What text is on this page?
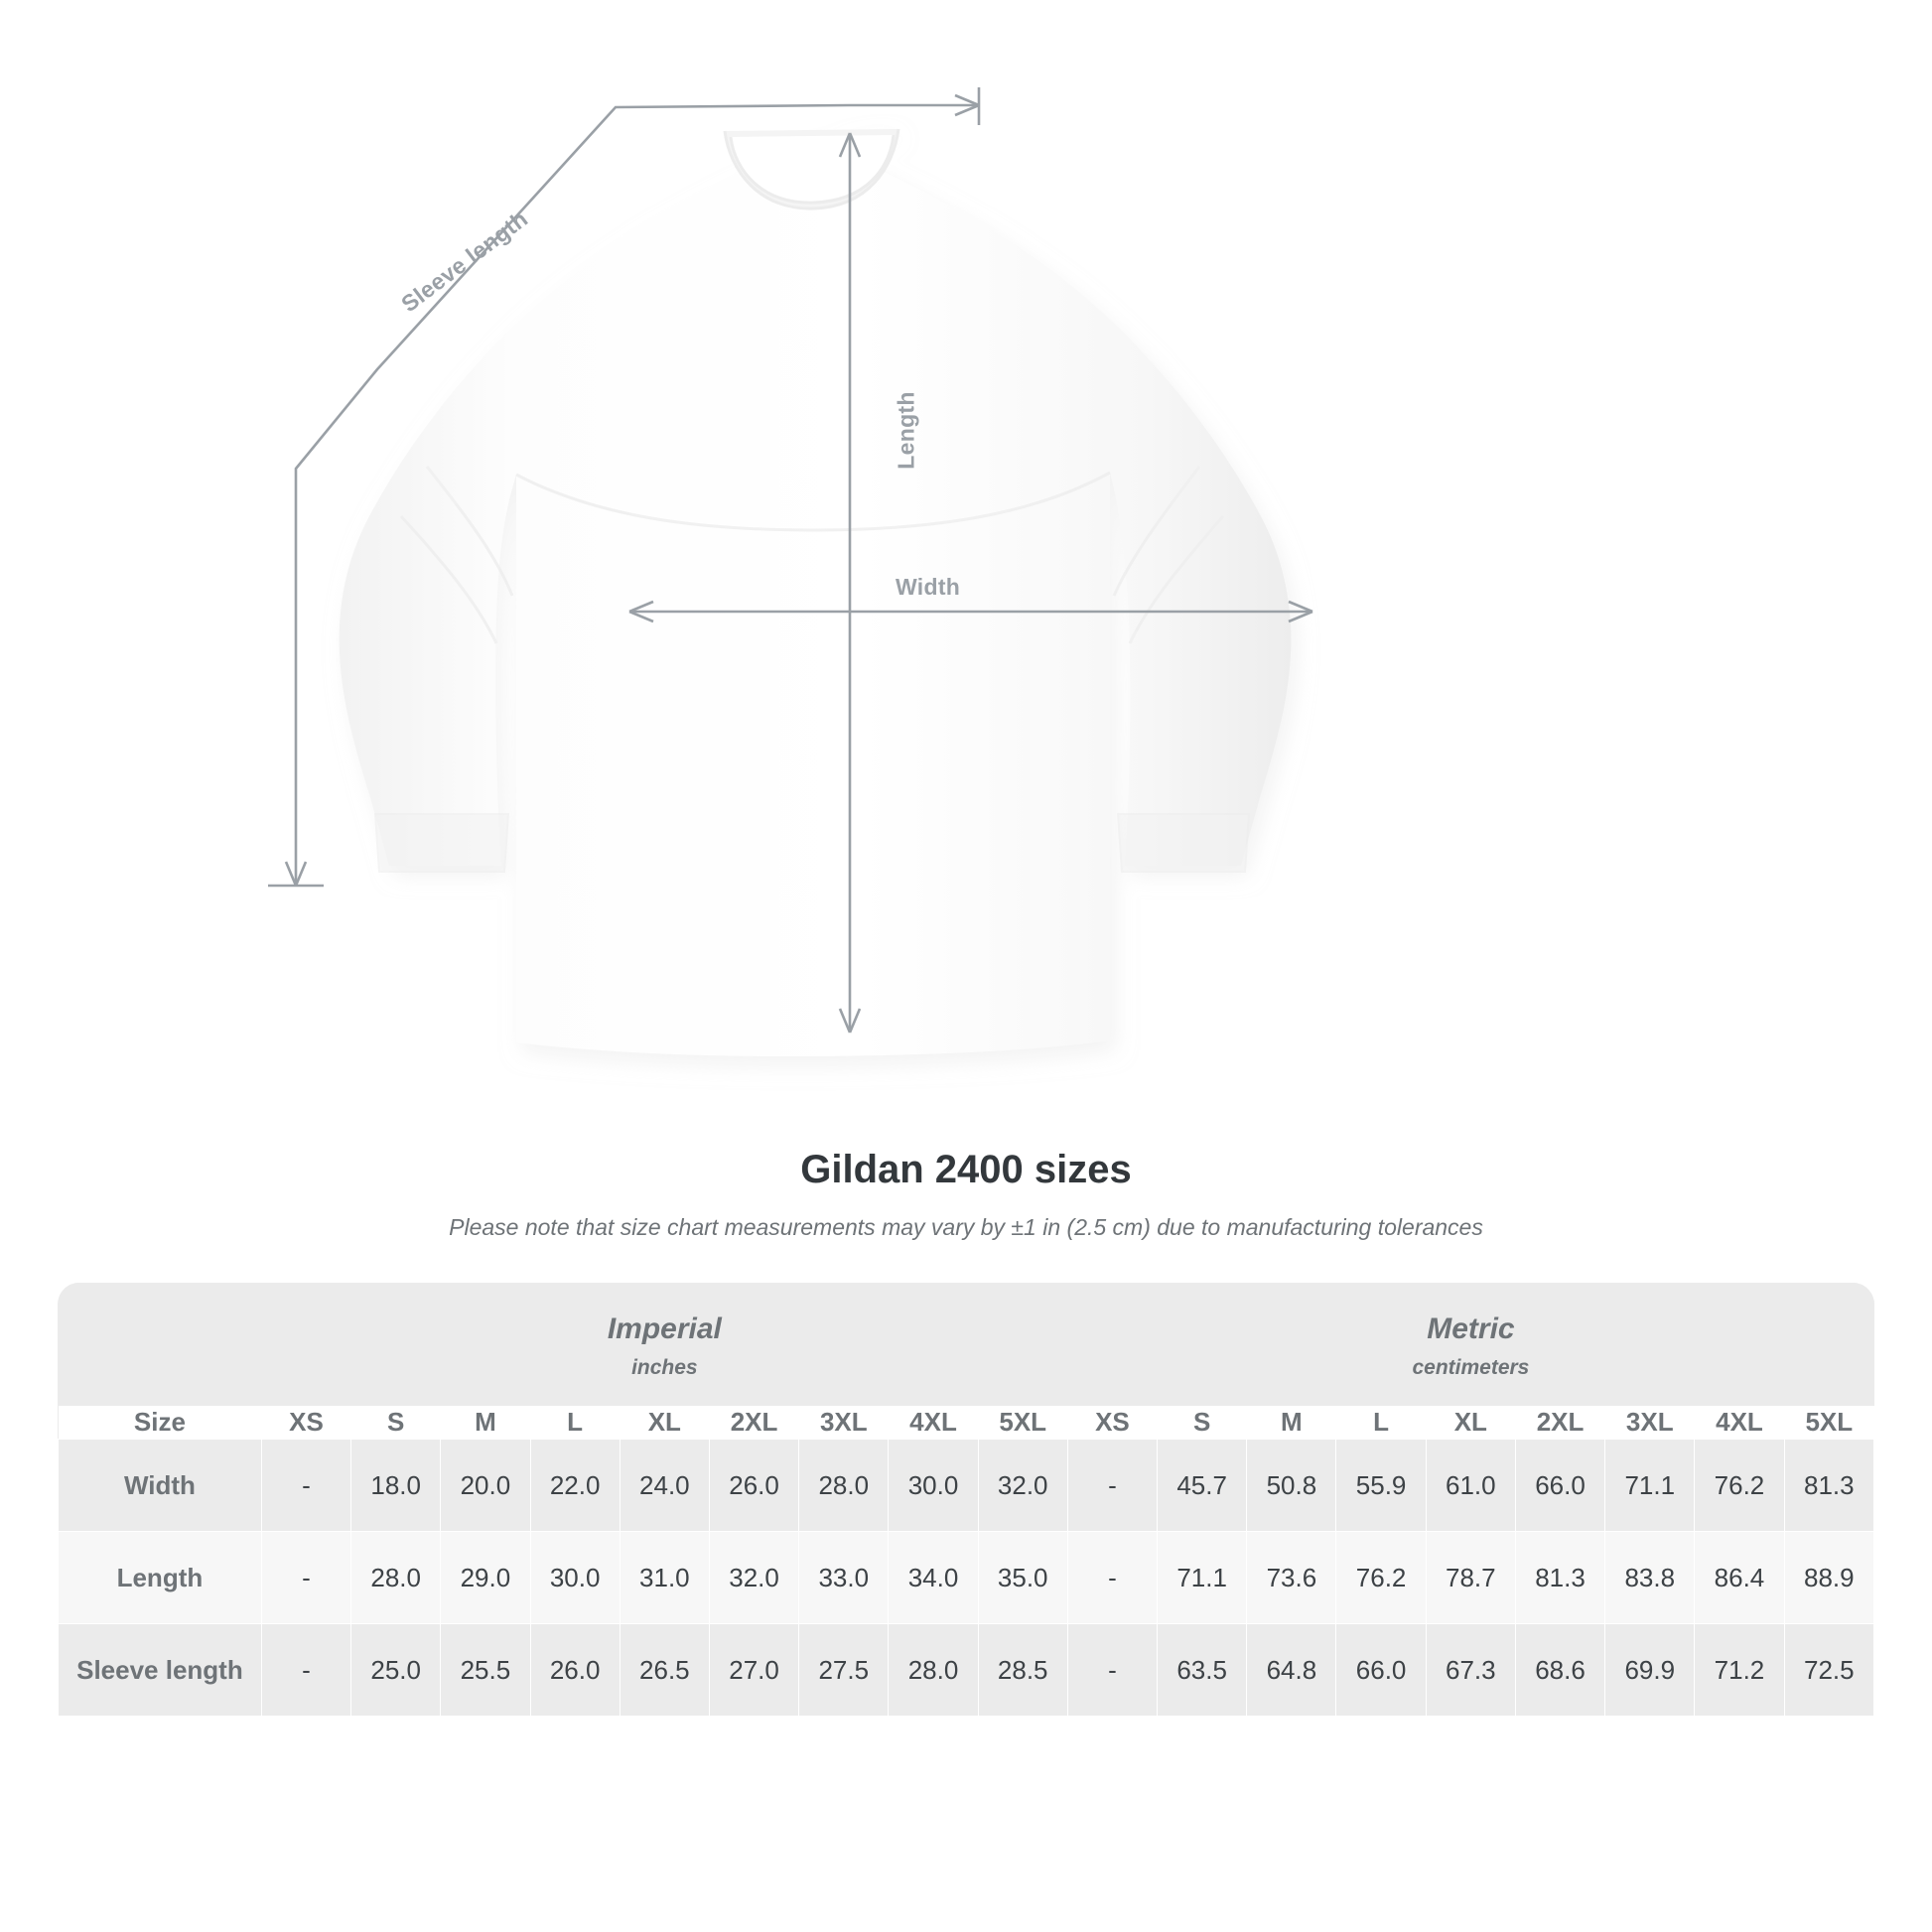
Length
Width
Sleeve length
Gildan 2400 sizes

Please note that size chart measurements may vary by ±1 in (2.5 cm) due to manufacturing tolerances

	Imperial
inches									Metric
centimeters								

Size	XS	S	M	L	XL	2XL	3XL	4XL	5XL	XS	S	M	L	XL	2XL	3XL	4XL	5XL
Width	-	18.0	20.0	22.0	24.0	26.0	28.0	30.0	32.0	-	45.7	50.8	55.9	61.0	66.0	71.1	76.2	81.3
Length	-	28.0	29.0	30.0	31.0	32.0	33.0	34.0	35.0	-	71.1	73.6	76.2	78.7	81.3	83.8	86.4	88.9
Sleeve length	-	25.0	25.5	26.0	26.5	27.0	27.5	28.0	28.5	-	63.5	64.8	66.0	67.3	68.6	69.9	71.2	72.5
